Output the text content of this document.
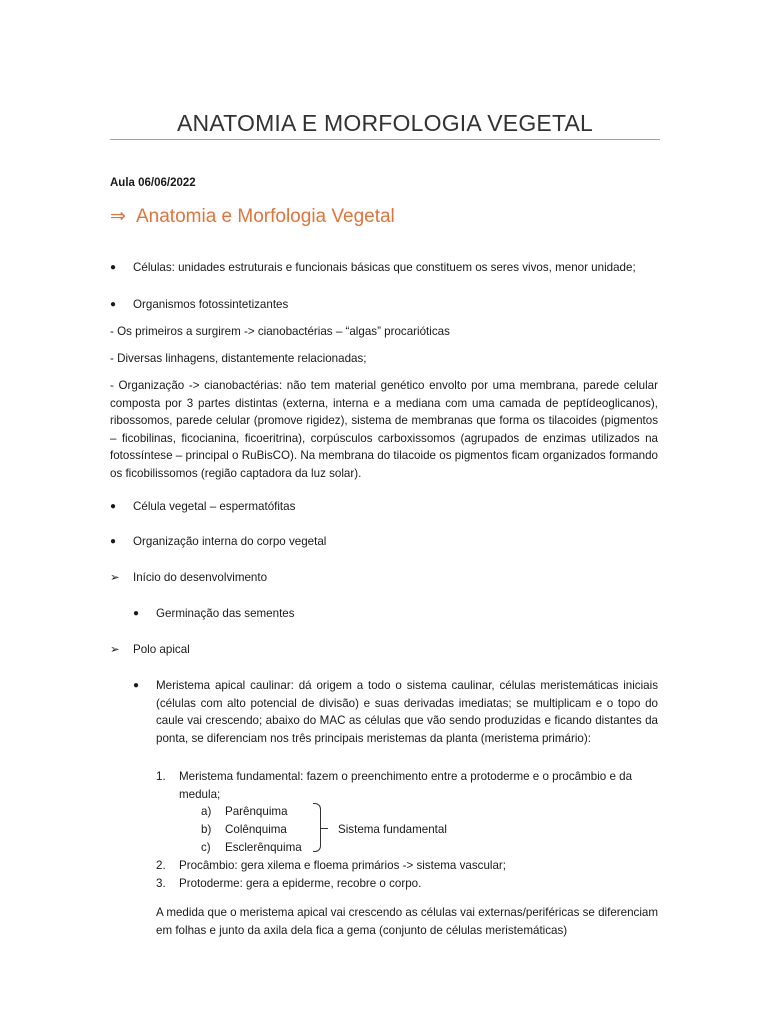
ANATOMIA E MORFOLOGIA VEGETAL
Aula 06/06/2022
⇒ Anatomia e Morfologia Vegetal
● Células: unidades estruturais e funcionais básicas que constituem os seres vivos, menor unidade;
● Organismos fotossintetizantes
- Os primeiros a surgirem -> cianobactérias – “algas” procarióticas
- Diversas linhagens, distantemente relacionadas;
- Organização -> cianobactérias: não tem material genético envolto por uma membrana, parede celular composta por 3 partes distintas (externa, interna e a mediana com uma camada de peptídeoglicanos), ribossomos, parede celular (promove rigidez), sistema de membranas que forma os tilacoides (pigmentos – ficobilinas, ficocianina, ficoeritrina), corpúsculos carboxissomos (agrupados de enzimas utilizados na fotossíntese – principal o RuBisCO). Na membrana do tilacoide os pigmentos ficam organizados formando os ficobilissomos (região captadora da luz solar).
● Célula vegetal – espermatófitas
● Organização interna do corpo vegetal
➢ Início do desenvolvimento
● Germinação das sementes
➢ Polo apical
● Meristema apical caulinar: dá origem a todo o sistema caulinar, células meristemáticas iniciais (células com alto potencial de divisão) e suas derivadas imediatas; se multiplicam e o topo do caule vai crescendo; abaixo do MAC as células que vão sendo produzidas e ficando distantes da ponta, se diferenciam nos três principais meristemas da planta (meristema primário):
1. Meristema fundamental: fazem o preenchimento entre a protoderme e o procâmbio e da medula;
a) Parênquima
b) Colênquima
c) Esclerênquima
Sistema fundamental
2. Procâmbio: gera xilema e floema primários -> sistema vascular;
3. Protoderme: gera a epiderme, recobre o corpo.
A medida que o meristema apical vai crescendo as células vai externas/periféricas se diferenciam em folhas e junto da axila dela fica a gema (conjunto de células meristemáticas)
